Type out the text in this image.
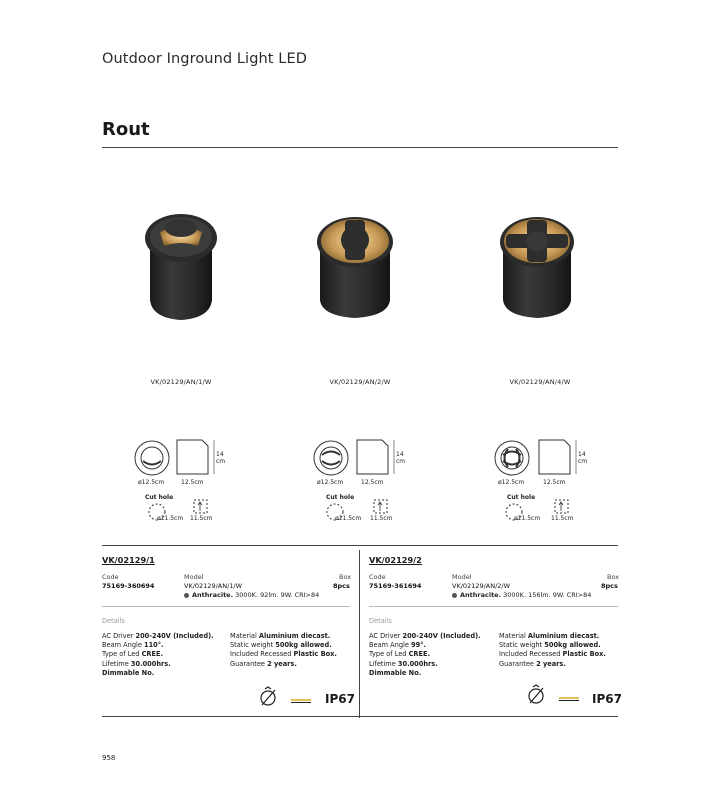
Outdoor Inground Light LED
Rout
VK/02129/AN/1/W	VK/02129/AN/2/W	VK/02129/AN/4/W
ø12.5cm	12.5cm
14
cm
Cut hole
ø11.5cm 11.5cm
ø12.5cm	12.5cm
14
cm
Cut hole
ø11.5cm 11.5cm
ø12.5cm	12.5cm
14
cm
Cut hole
ø11.5cm 11.5cm
VK/02129/1
Code
75169-360694
Model
VK/02129/AN/1/W
Anthracite. 3000K. 92lm. 9W. CRI>84
Box
8pcs
Details
AC Driver 200-240V (Included).
Beam Angle 110°.
Type of Led CREE.
Lifetime 30.000hrs.
Dimmable No.
Material Aluminium diecast.
Static weight 500kg allowed.
Included Recessed Plastic Box.
Guarantee 2 years.
IP67
VK/02129/2
Code
75169-361694
Model
VK/02129/AN/2/W
Anthracite. 3000K. 156lm. 9W. CRI>84
Box
8pcs
Details
AC Driver 200-240V (Included).
Beam Angle 99°.
Type of Led CREE.
Lifetime 30.000hrs.
Dimmable No.
Material Aluminium diecast.
Static weight 500kg allowed.
Included Recessed Plastic Box.
Guarantee 2 years.
IP67
958
